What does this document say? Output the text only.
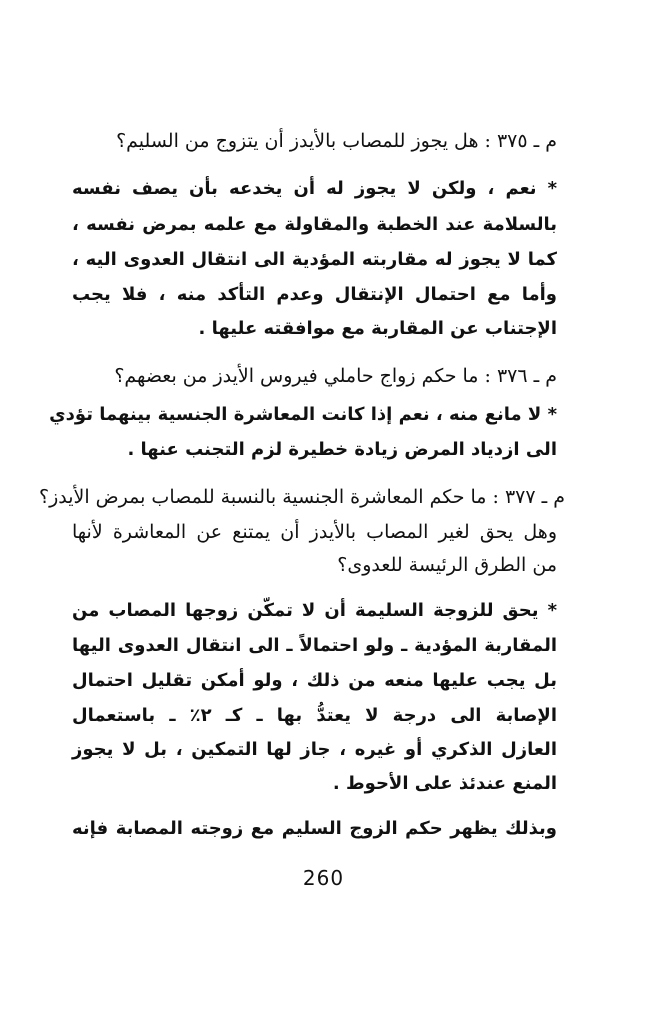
م ـ ٣٧٥ : هل يجوز للمصاب بالأيدز أن يتزوج من السليم؟
* نعم ، ولكن لا يجوز له أن يخدعه بأن يصف نفسه
بالسلامة عند الخطبة والمقاولة مع علمه بمرض نفسه ،
كما لا يجوز له مقاربته المؤدية الى انتقال العدوى اليه ،
وأما مع احتمال الإنتقال وعدم التأكد منه ، فلا يجب
الإجتناب عن المقاربة مع موافقته عليها .
م ـ ٣٧٦ : ما حكم زواج حاملي فيروس الأيدز من بعضهم؟
* لا مانع منه ، نعم إذا كانت المعاشرة الجنسية بينهما تؤدي
الى ازدياد المرض زيادة خطيرة لزم التجنب عنها .
م ـ ٣٧٧ : ما حكم المعاشرة الجنسية بالنسبة للمصاب بمرض الأيدز؟
وهل يحق لغير المصاب بالأيدز أن يمتنع عن المعاشرة لأنها
من الطرق الرئيسة للعدوى؟
* يحق للزوجة السليمة أن لا تمكّن زوجها المصاب من
المقاربة المؤدية ـ ولو احتمالاً ـ الى انتقال العدوى اليها
بل يجب عليها منعه من ذلك ، ولو أمكن تقليل احتمال
الإصابة الى درجة لا يعتدُّ بها ـ كـ ٢٪ ـ باستعمال
العازل الذكري أو غيره ، جاز لها التمكين ، بل لا يجوز
المنع عندئذ على الأحوط .
وبذلك يظهر حكم الزوج السليم مع زوجته المصابة فإنه
260
